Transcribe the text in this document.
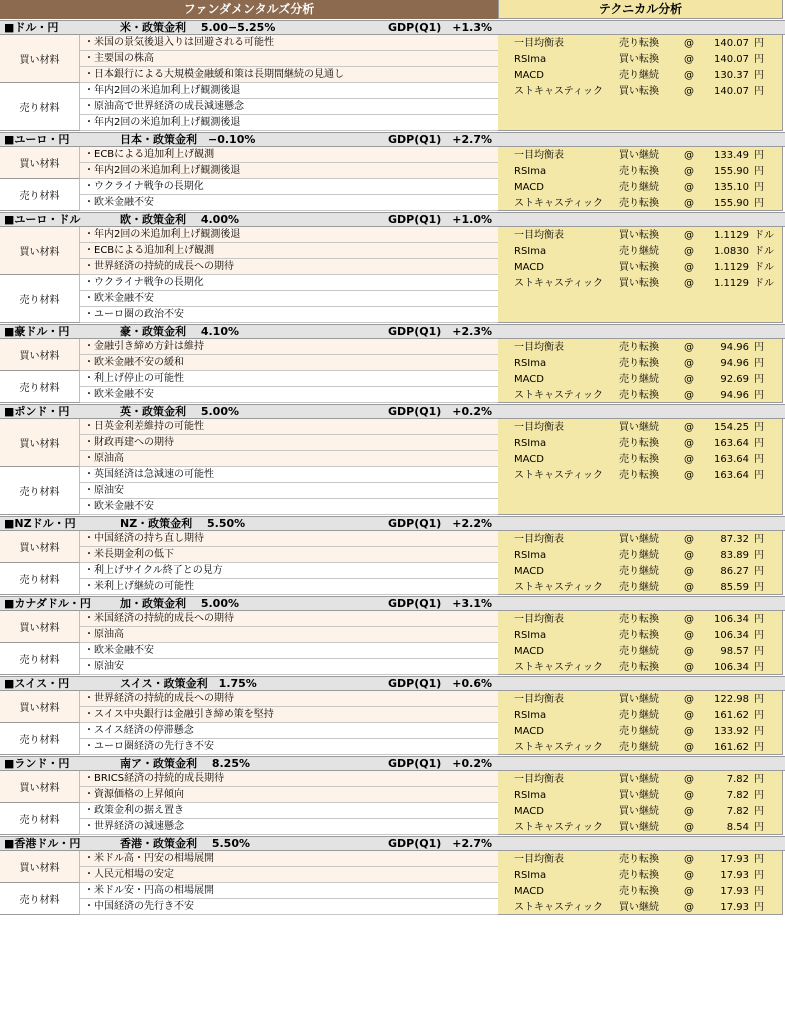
ファンダメンタルズ分析	テクニカル分析
■ドル・円	米・政策金利　 5.00−5.25%	GDP(Q1)　+1.3%
買い材料
・米国の景気後退入りは回避される可能性
・主要国の株高
・日本銀行による大規模金融緩和策は長期間継続の見通し
売り材料
・年内2回の米追加利上げ観測後退
・原油高で世界経済の成長減速懸念
・年内2回の米追加利上げ観測後退
一目均衡表	売り転換	@	140.07 円
RSIma	買い転換	@	140.07 円
MACD	売り継続	@	130.37 円
ストキャスティック 買い転換	@	140.07 円
■ユーロ・円	日本・政策金利　−0.10%	GDP(Q1)　+2.7%
買い材料
・ECBによる追加利上げ観測
・年内2回の米追加利上げ観測後退
売り材料
・ウクライナ戦争の長期化
・欧米金融不安
一目均衡表	買い継続	@	133.49 円
RSIma	売り転換	@	155.90 円
MACD	売り継続	@	135.10 円
ストキャスティック 売り転換	@	155.90 円
■ユーロ・ドル	欧・政策金利　 4.00%	GDP(Q1)　+1.0%
買い材料
・年内2回の米追加利上げ観測後退
・ECBによる追加利上げ観測
・世界経済の持続的成長への期待
売り材料
・ウクライナ戦争の長期化
・欧米金融不安
・ユーロ圏の政治不安
一目均衡表	買い転換	@	1.1129 ドル
RSIma	売り継続	@	1.0830 ドル
MACD	買い転換	@	1.1129 ドル
ストキャスティック 買い転換	@	1.1129 ドル
■豪ドル・円	豪・政策金利　 4.10%	GDP(Q1)　+2.3%
買い材料
・金融引き締め方針は維持
・欧米金融不安の緩和
売り材料
・利上げ停止の可能性
・欧米金融不安
一目均衡表	売り転換	@	94.96 円
RSIma	売り転換	@	94.96 円
MACD	売り継続	@	92.69 円
ストキャスティック 売り転換	@	94.96 円
■ポンド・円	英・政策金利　 5.00%	GDP(Q1)　+0.2%
買い材料
・日英金利差維持の可能性
・財政再建への期待
・原油高
売り材料
・英国経済は急減速の可能性
・原油安
・欧米金融不安
一目均衡表	買い継続	@	154.25 円
RSIma	売り転換	@	163.64 円
MACD	売り転換	@	163.64 円
ストキャスティック 売り転換	@	163.64 円
■NZドル・円	NZ・政策金利　 5.50%	GDP(Q1)　+2.2%
買い材料
・中国経済の持ち直し期待
・米長期金利の低下
売り材料
・利上げサイクル終了との見方
・米利上げ継続の可能性
一目均衡表	買い継続	@	87.32 円
RSIma	売り継続	@	83.89 円
MACD	売り継続	@	86.27 円
ストキャスティック 売り継続	@	85.59 円
■カナダドル・円	加・政策金利　 5.00%	GDP(Q1)　+3.1%
買い材料
・米国経済の持続的成長への期待
・原油高
売り材料
・欧米金融不安
・原油安
一目均衡表	売り転換	@	106.34 円
RSIma	売り転換	@	106.34 円
MACD	売り継続	@	98.57 円
ストキャスティック 売り転換	@	106.34 円
■スイス・円	スイス・政策金利　1.75%	GDP(Q1)　+0.6%
買い材料
・世界経済の持続的成長への期待
・スイス中央銀行は金融引き締め策を堅持
売り材料
・スイス経済の停滞懸念
・ユーロ圏経済の先行き不安
一目均衡表	買い継続	@	122.98 円
RSIma	売り継続	@	161.62 円
MACD	売り継続	@	133.92 円
ストキャスティック 売り継続	@	161.62 円
■ランド・円	南ア・政策金利　 8.25%	GDP(Q1)　+0.2%
買い材料
・BRICS経済の持続的成長期待
・資源価格の上昇傾向
売り材料
・政策金利の据え置き
・世界経済の減速懸念
一目均衡表	買い継続	@	7.82 円
RSIma	買い継続	@	7.82 円
MACD	買い継続	@	7.82 円
ストキャスティック 買い継続	@	8.54 円
■香港ドル・円	香港・政策金利　 5.50%	GDP(Q1)　+2.7%
買い材料
・米ドル高・円安の相場展開
・人民元相場の安定
売り材料
・米ドル安・円高の相場展開
・中国経済の先行き不安
一目均衡表	売り転換	@	17.93 円
RSIma	売り転換	@	17.93 円
MACD	売り転換	@	17.93 円
ストキャスティック 買い継続	@	17.93 円
